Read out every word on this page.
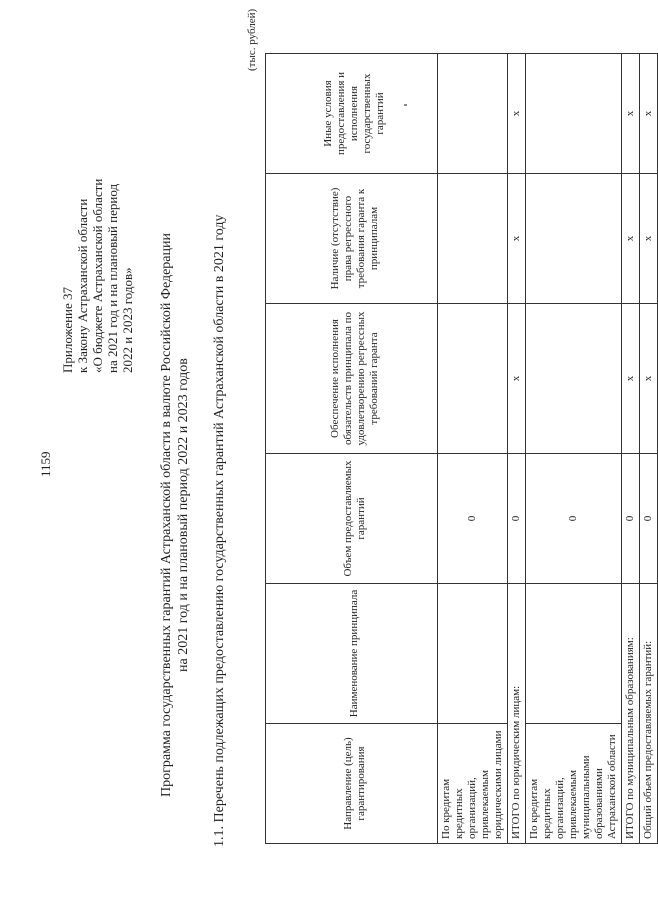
1159
Приложение 37 к Закону Астраханской области «О бюджете Астраханской области на 2021 год и на плановый период 2022 и 2023 годов» Программа государственных гарантий Астраханской области в валюте Российской Федерации на 2021 год и на плановый период 2022 и 2023 годов 1.1. Перечень подлежащих предоставлению государственных гарантий Астраханской области в 2021 году
(тыс. рублей)
Направление (цель) гарантирования	Наименование принципала	Объем предоставляемых гарантий	Обеспечение исполнения обязательств принципала по удовлетворению регрессных требований гаранта	Наличие (отсутствие) права регрессного требования гаранта к принципалам	Иные условия предоставления и исполнения государственных гарантий
По кредитам кредитных организаций, привлекаемым юридическими лицами		0			
ИТОГО по юридическим лицам:		0	x	x	x
По кредитам кредитных организаций, привлекаемым муниципальными образованиями Астраханской области		0			
ИТОГО по муниципальным образованиям:		0	x	x	x
Общий объем предоставляемых гарантий:		0	x	x	x
